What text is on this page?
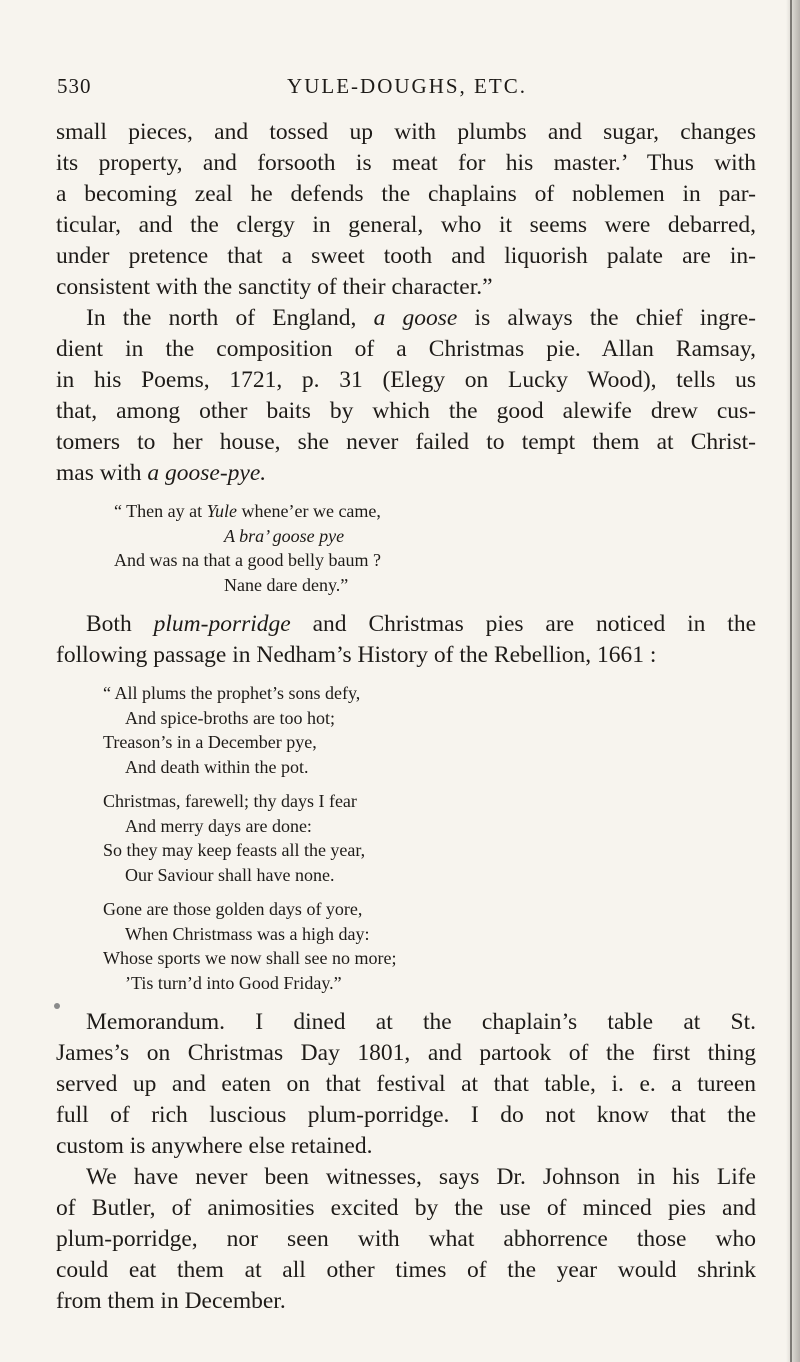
530	YULE-DOUGHS, ETC.
small pieces, and tossed up with plumbs and sugar, changes
its property, and forsooth is meat for his master.’ Thus with
a becoming zeal he defends the chaplains of noblemen in par-
ticular, and the clergy in general, who it seems were debarred,
under pretence that a sweet tooth and liquorish palate are in-
consistent with the sanctity of their character.”
In the north of England, a goose is always the chief ingre-
dient in the composition of a Christmas pie. Allan Ramsay,
in his Poems, 1721, p. 31 (Elegy on Lucky Wood), tells us
that, among other baits by which the good alewife drew cus-
tomers to her house, she never failed to tempt them at Christ-
mas with a goose-pye.
“ Then ay at Yule whene’er we came,
A bra’ goose pye
And was na that a good belly baum ?
Nane dare deny.”
Both plum-porridge and Christmas pies are noticed in the
following passage in Nedham’s History of the Rebellion, 1661 :
“ All plums the prophet’s sons defy,
And spice-broths are too hot;
Treason’s in a December pye,
And death within the pot.
Christmas, farewell; thy days I fear
And merry days are done:
So they may keep feasts all the year,
Our Saviour shall have none.
Gone are those golden days of yore,
When Christmass was a high day:
Whose sports we now shall see no more;
’Tis turn’d into Good Friday.”
Memorandum. I dined at the chaplain’s table at St.
James’s on Christmas Day 1801, and partook of the first thing
served up and eaten on that festival at that table, i. e. a tureen
full of rich luscious plum-porridge. I do not know that the
custom is anywhere else retained.
We have never been witnesses, says Dr. Johnson in his Life
of Butler, of animosities excited by the use of minced pies and
plum-porridge, nor seen with what abhorrence those who
could eat them at all other times of the year would shrink
from them in December.
